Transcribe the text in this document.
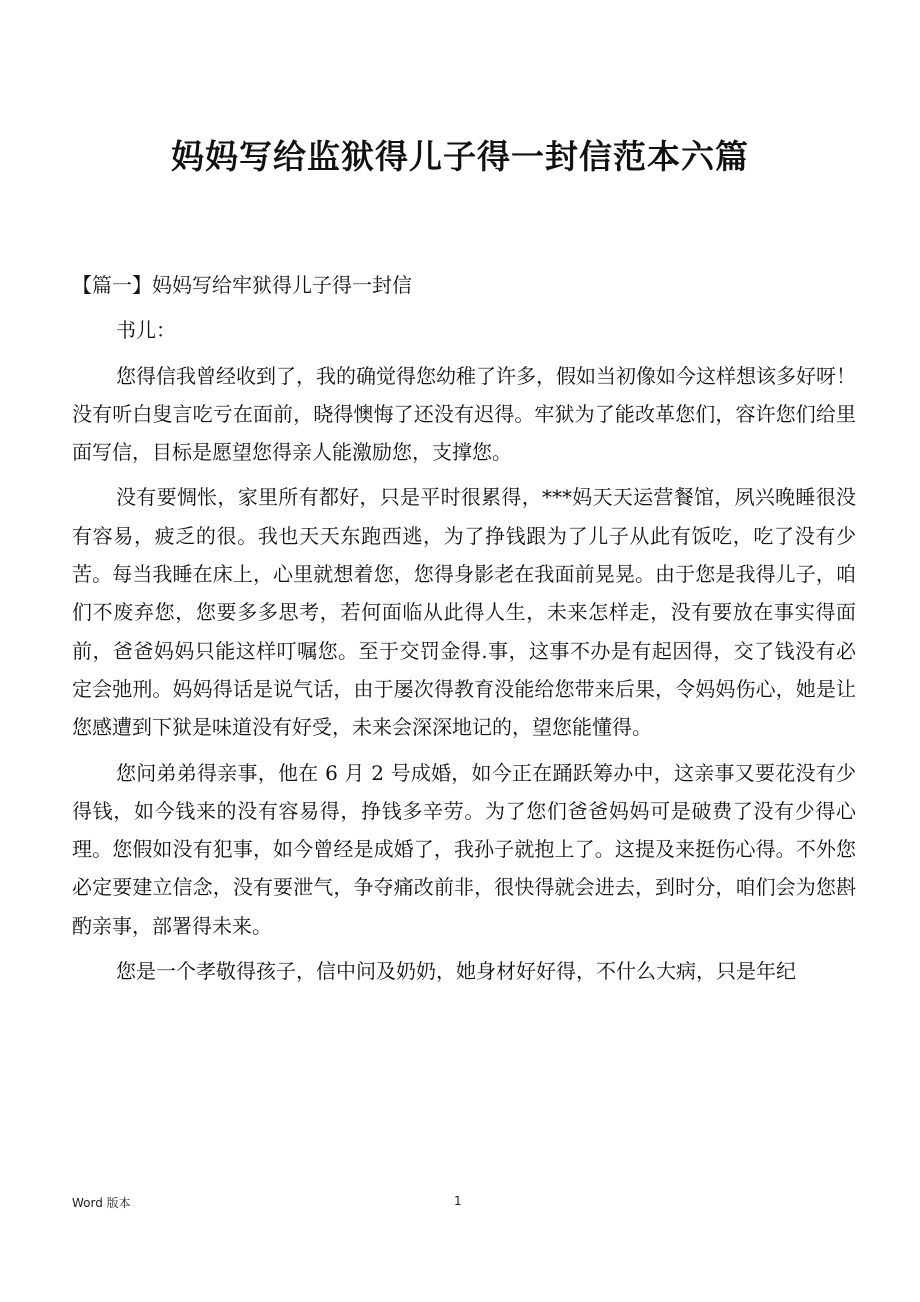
妈妈写给监狱得儿子得一封信范本六篇

【篇一】妈妈写给牢狱得儿子得一封信

书儿：

您得信我曾经收到了，我的确觉得您幼稚了许多，假如当初像如今这样想该多好呀！没有听白叟言吃亏在面前，晓得懊悔了还没有迟得。牢狱为了能改革您们，容许您们给里面写信，目标是愿望您得亲人能激励您，支撑您。

没有要惆怅，家里所有都好，只是平时很累得，***妈天天运营餐馆，夙兴晚睡很没有容易，疲乏的很。我也天天东跑西逃，为了挣钱跟为了儿子从此有饭吃，吃了没有少苦。每当我睡在床上，心里就想着您，您得身影老在我面前晃晃。由于您是我得儿子，咱们不废弃您，您要多多思考，若何面临从此得人生，未来怎样走，没有要放在事实得面前，爸爸妈妈只能这样叮嘱您。至于交罚金得.事，这事不办是有起因得，交了钱没有必定会弛刑。妈妈得话是说气话，由于屡次得教育没能给您带来后果，令妈妈伤心，她是让您感遭到下狱是味道没有好受，未来会深深地记的，望您能懂得。

您问弟弟得亲事，他在 6 月 2 号成婚，如今正在踊跃筹办中，这亲事又要花没有少得钱，如今钱来的没有容易得，挣钱多辛劳。为了您们爸爸妈妈可是破费了没有少得心理。您假如没有犯事，如今曾经是成婚了，我孙子就抱上了。这提及来挺伤心得。不外您必定要建立信念，没有要泄气，争夺痛改前非，很快得就会进去，到时分，咱们会为您斟酌亲事，部署得未来。

您是一个孝敬得孩子，信中问及奶奶，她身材好好得，不什么大病，只是年纪

Word 版本	1
